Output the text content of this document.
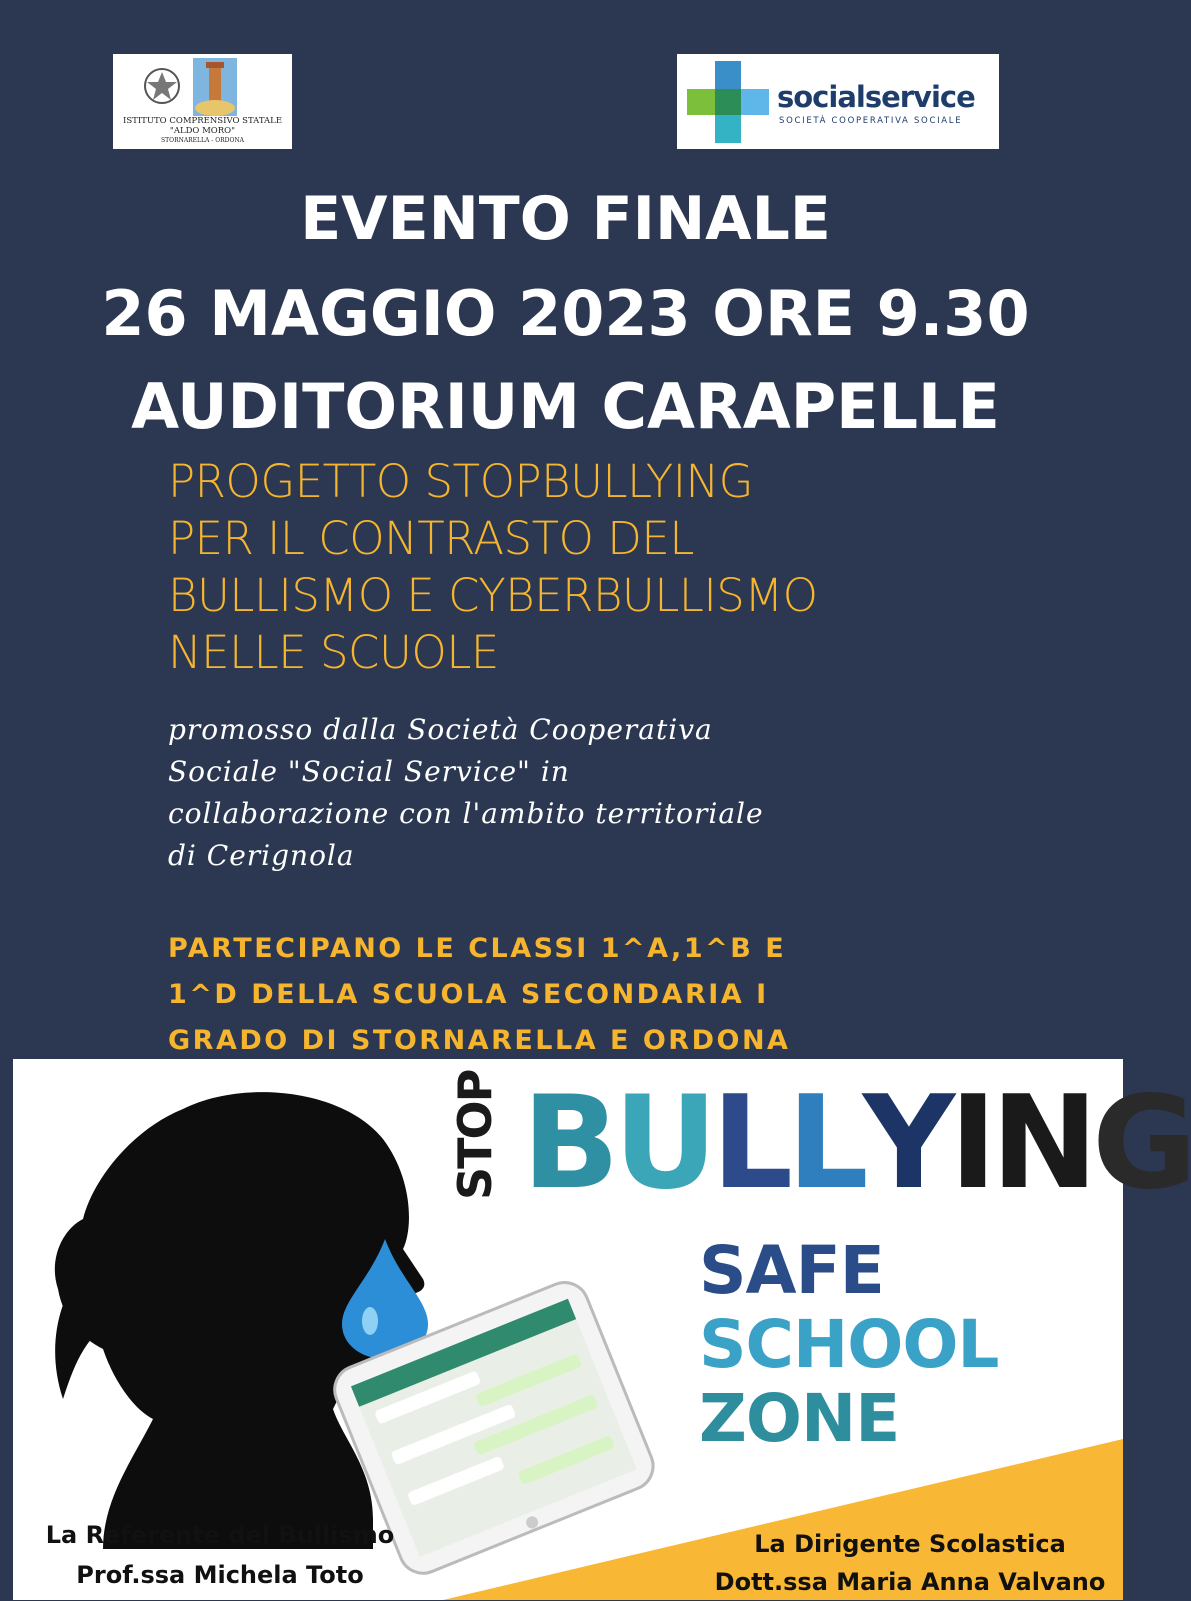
ISTITUTO COMPRENSIVO STATALE
"ALDO MORO"
STORNARELLA - ORDONA
socialservice
SOCIETÀ COOPERATIVA SOCIALE
EVENTO FINALE
26 MAGGIO 2023 ORE 9.30
AUDITORIUM CARAPELLE
PROGETTO STOPBULLYING
PER IL CONTRASTO DEL
BULLISMO E CYBERBULLISMO
NELLE SCUOLE
promosso dalla Società Cooperativa
Sociale "Social Service" in
collaborazione con l'ambito territoriale
di Cerignola
PARTECIPANO LE CLASSI 1^A,1^B E
1^D DELLA SCUOLA SECONDARIA I
GRADO DI STORNARELLA E ORDONA
STOP BULLYING
SAFE
SCHOOL
ZONE
La Referente del Bullismo
Prof.ssa Michela Toto
La Dirigente Scolastica
Dott.ssa Maria Anna Valvano
